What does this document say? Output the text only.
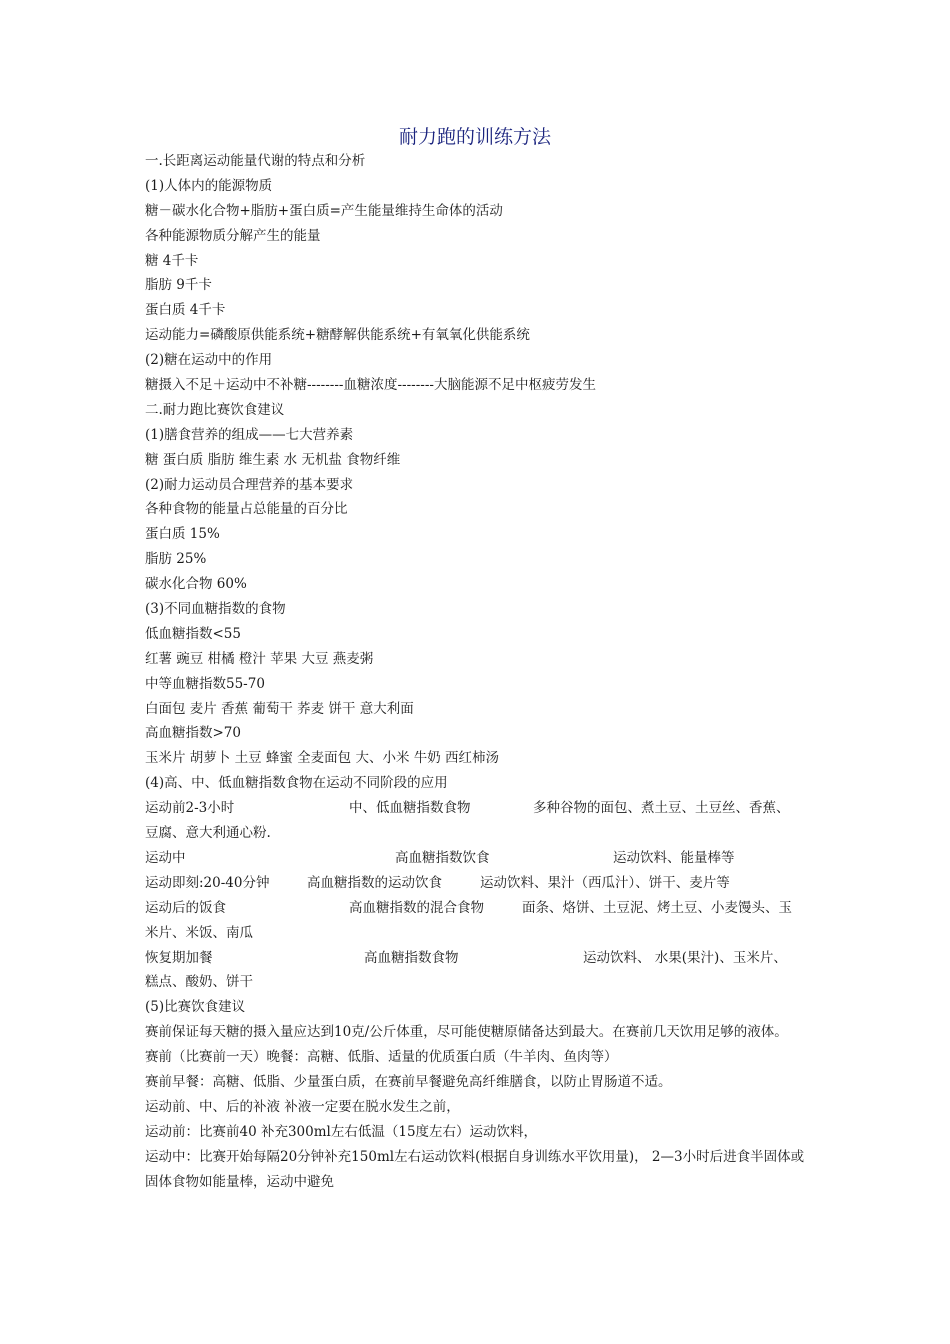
耐力跑的训练方法
一.长距离运动能量代谢的特点和分析
(1)人体内的能源物质
糖－碳水化合物+脂肪+蛋白质=产生能量维持生命体的活动
各种能源物质分解产生的能量
糖 4千卡
脂肪 9千卡
蛋白质 4千卡
运动能力=磷酸原供能系统+糖酵解供能系统+有氧氧化供能系统
(2)糖在运动中的作用
糖摄入不足＋运动中不补糖--------血糖浓度--------大脑能源不足中枢疲劳发生
二.耐力跑比赛饮食建议
(1)膳食营养的组成——七大营养素
糖 蛋白质 脂肪 维生素 水 无机盐 食物纤维
(2)耐力运动员合理营养的基本要求
各种食物的能量占总能量的百分比
蛋白质 15%
脂肪 25%
碳水化合物 60%
(3)不同血糖指数的食物
低血糖指数<55
红薯 豌豆 柑橘 橙汁 苹果 大豆 燕麦粥
中等血糖指数55-70
白面包 麦片 香蕉 葡萄干 荞麦 饼干 意大利面
高血糖指数>70
玉米片 胡萝卜 土豆 蜂蜜 全麦面包 大、小米 牛奶 西红柿汤
(4)高、中、低血糖指数食物在运动不同阶段的应用
运动前2-3小时	中、低血糖指数食物	多种谷物的面包、煮土豆、土豆丝、香蕉、
豆腐、意大利通心粉.
运动中	高血糖指数饮食	运动饮料、能量棒等
运动即刻:20-40分钟	高血糖指数的运动饮食	运动饮料、果汁（西瓜汁）、饼干、麦片等
运动后的饭食	高血糖指数的混合食物	面条、烙饼、土豆泥、烤土豆、小麦馒头、玉
米片、米饭、南瓜
恢复期加餐	高血糖指数食物	运动饮料、 水果(果汁)、玉米片、
糕点、酸奶、饼干
(5)比赛饮食建议
赛前保证每天糖的摄入量应达到10克/公斤体重，尽可能使糖原储备达到最大。在赛前几天饮用足够的液体。
赛前（比赛前一天）晚餐：高糖、低脂、适量的优质蛋白质（牛羊肉、鱼肉等）
赛前早餐：高糖、低脂、少量蛋白质，在赛前早餐避免高纤维膳食，以防止胃肠道不适。
运动前、中、后的补液 补液一定要在脱水发生之前，
运动前：比赛前40 补充300ml左右低温（15度左右）运动饮料，
运动中：比赛开始每隔20分钟补充150ml左右运动饮料(根据自身训练水平饮用量)， 2—3小时后进食半固体或固体食物如能量棒，运动中避免
